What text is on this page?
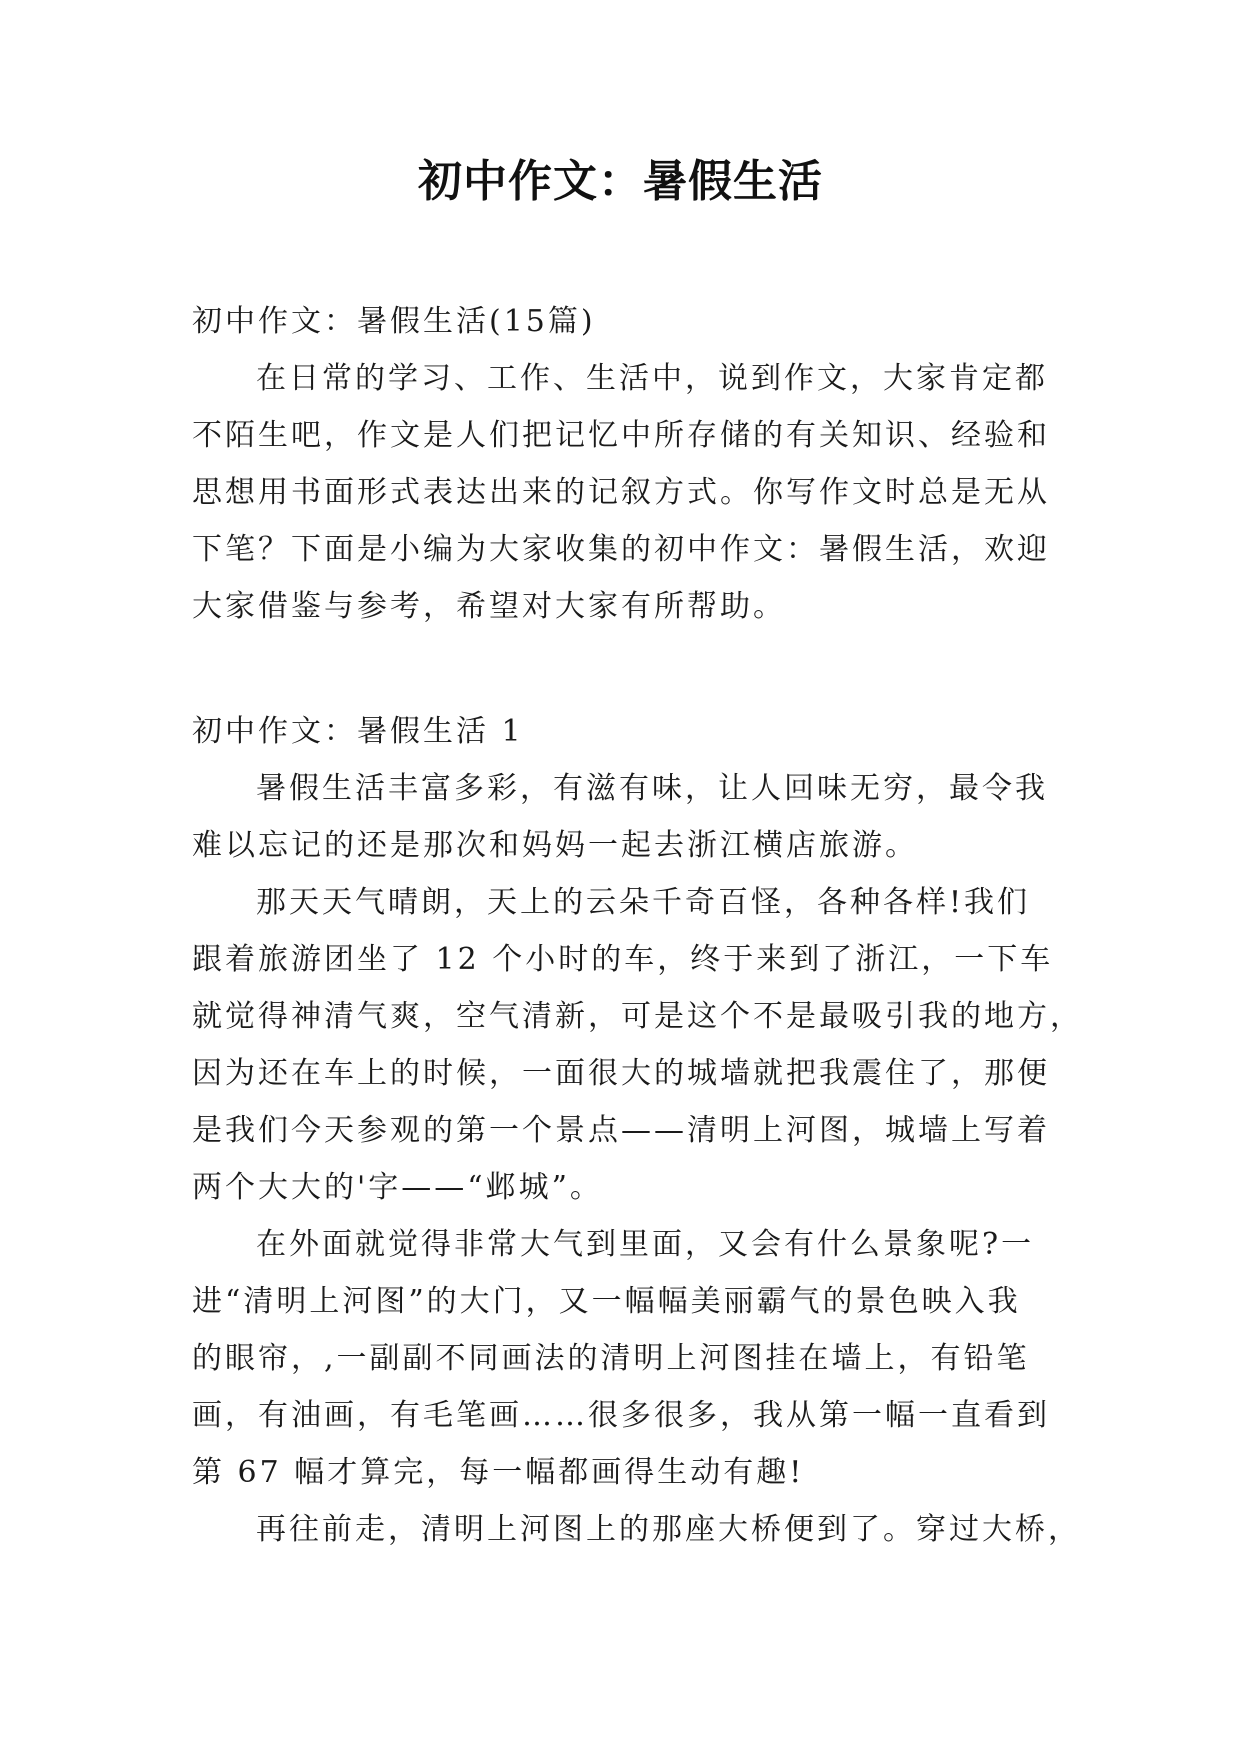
初中作文：暑假生活
初中作文：暑假生活(15篇)
在日常的学习、工作、生活中，说到作文，大家肯定都
不陌生吧，作文是人们把记忆中所存储的有关知识、经验和
思想用书面形式表达出来的记叙方式。你写作文时总是无从
下笔？下面是小编为大家收集的初中作文：暑假生活，欢迎
大家借鉴与参考，希望对大家有所帮助。
初中作文：暑假生活 1
暑假生活丰富多彩，有滋有味，让人回味无穷，最令我
难以忘记的还是那次和妈妈一起去浙江横店旅游。
那天天气晴朗，天上的云朵千奇百怪，各种各样!我们
跟着旅游团坐了 12 个小时的车，终于来到了浙江，一下车
就觉得神清气爽，空气清新，可是这个不是最吸引我的地方，
因为还在车上的时候，一面很大的城墙就把我震住了，那便
是我们今天参观的第一个景点——清明上河图，城墙上写着
两个大大的'字——“邺城”。
在外面就觉得非常大气到里面，又会有什么景象呢?一
进“清明上河图”的大门，又一幅幅美丽霸气的景色映入我
的眼帘，,一副副不同画法的清明上河图挂在墙上，有铅笔
画，有油画，有毛笔画……很多很多，我从第一幅一直看到
第 67 幅才算完，每一幅都画得生动有趣!
再往前走，清明上河图上的那座大桥便到了。穿过大桥，
